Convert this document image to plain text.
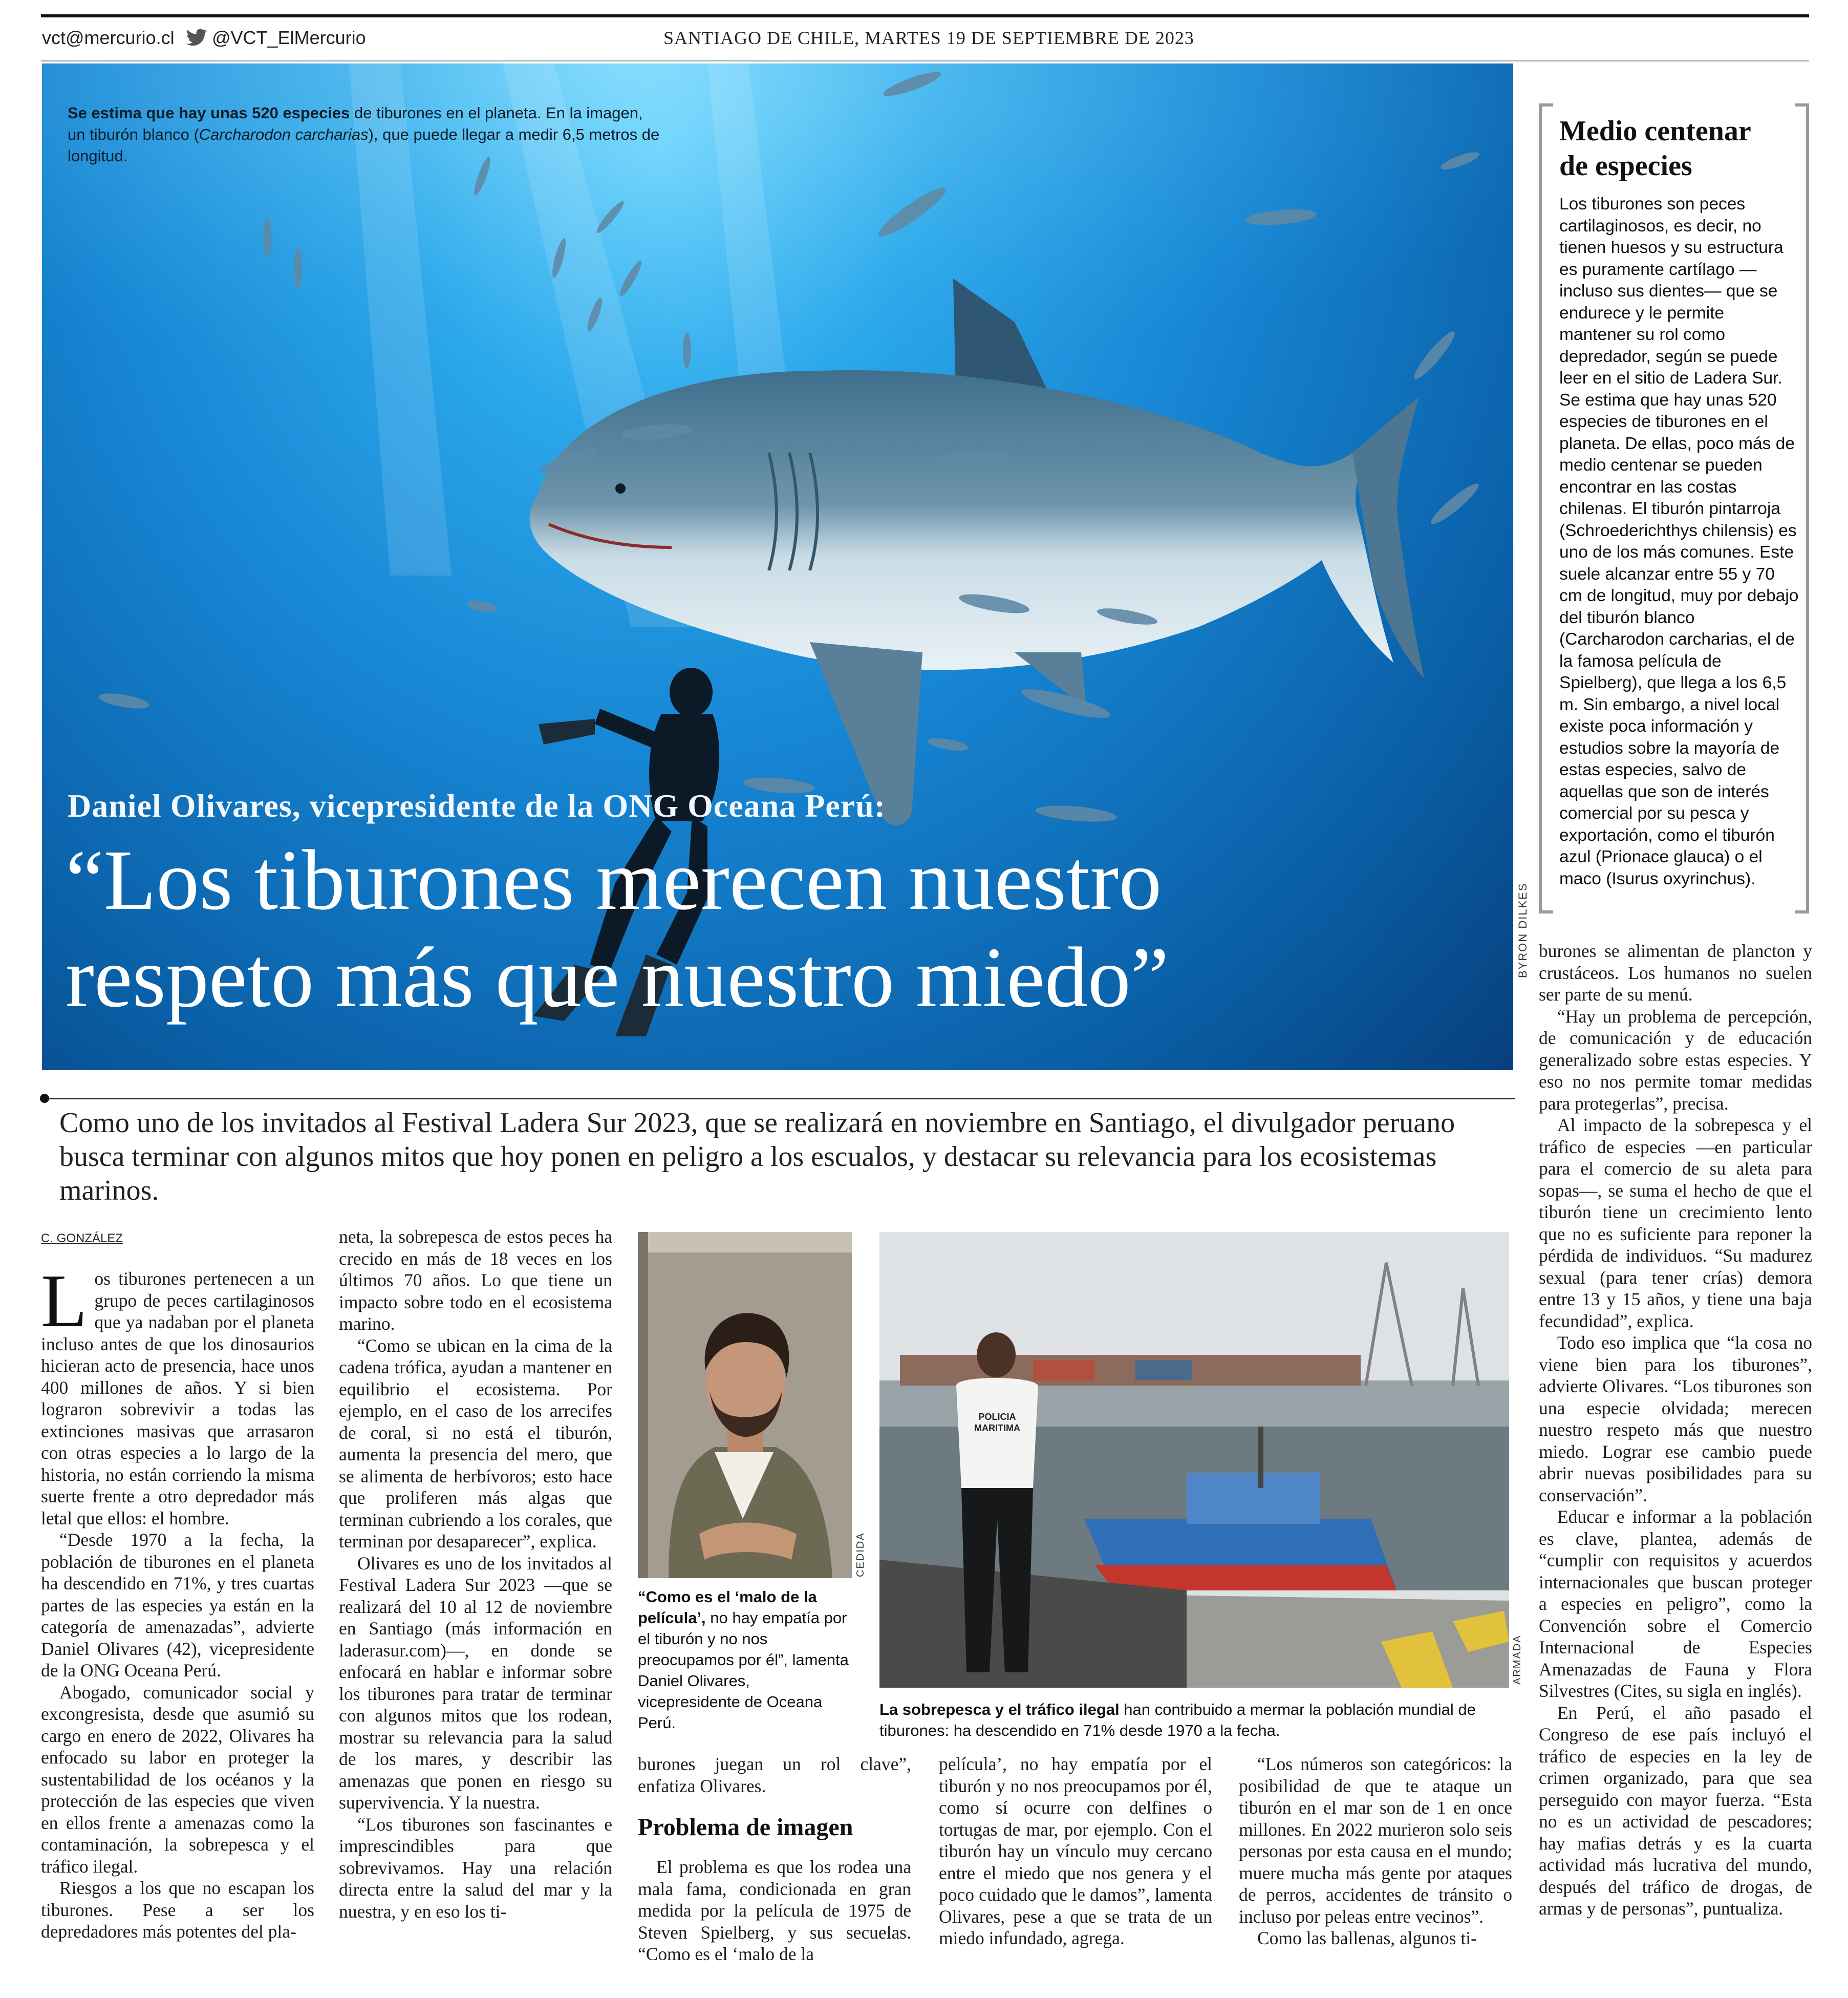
vct@mercurio.cl @VCT_ElMercurio	SANTIAGO DE CHILE, MARTES 19 DE SEPTIEMBRE DE 2023
Se estima que hay unas 520 especies de tiburones en el planeta. En la imagen, un tiburón blanco (Carcharodon carcharias), que puede llegar a medir 6,5 metros de longitud.
Daniel Olivares, vicepresidente de la ONG Oceana Perú:
“Los tiburones merecen nuestro
respeto más que nuestro miedo”	BYRON DILKES
Medio centenar de especies
Los tiburones son peces cartilaginosos, es decir, no tienen huesos y su estructura es puramente cartílago —incluso sus dientes— que se endurece y le permite mantener su rol como depredador, según se puede leer en el sitio de Ladera Sur. Se estima que hay unas 520 especies de tiburones en el planeta. De ellas, poco más de medio centenar se pueden encontrar en las costas chilenas. El tiburón pintarroja (Schroederichthys chilensis) es uno de los más comunes. Este suele alcanzar entre 55 y 70 cm de longitud, muy por debajo del tiburón blanco (Carcharodon carcharias, el de la famosa película de Spielberg), que llega a los 6,5 m. Sin embargo, a nivel local existe poca información y estudios sobre la mayoría de estas especies, salvo de aquellas que son de interés comercial por su pesca y exportación, como el tiburón azul (Prionace glauca) o el maco (Isurus oxyrinchus).
Como uno de los invitados al Festival Ladera Sur 2023, que se realizará en noviembre en Santiago, el divulgador peruano busca terminar con algunos mitos que hoy ponen en peligro a los escualos, y destacar su relevancia para los ecosistemas marinos.
C. GONZÁLEZ

Los tiburones pertenecen a un grupo de peces cartilaginosos que ya nadaban por el planeta incluso antes de que los dinosaurios hicieran acto de presencia, hace unos 400 millones de años. Y si bien lograron sobrevivir a todas las extinciones masivas que arrasaron con otras especies a lo largo de la historia, no están corriendo la misma suerte frente a otro depredador más letal que ellos: el hombre.

“Desde 1970 a la fecha, la población de tiburones en el planeta ha descendido en 71%, y tres cuartas partes de las especies ya están en la categoría de amenazadas”, advierte Daniel Olivares (42), vicepresidente de la ONG Oceana Perú.

Abogado, comunicador social y excongresista, desde que asumió su cargo en enero de 2022, Olivares ha enfocado su labor en proteger la sustentabilidad de los océanos y la protección de las especies que viven en ellos frente a amenazas como la contaminación, la sobrepesca y el tráfico ilegal.

Riesgos a los que no escapan los tiburones. Pese a ser los depredadores más potentes del pla-

neta, la sobrepesca de estos peces ha crecido en más de 18 veces en los últimos 70 años. Lo que tiene un impacto sobre todo en el ecosistema marino.

“Como se ubican en la cima de la cadena trófica, ayudan a mantener en equilibrio el ecosistema. Por ejemplo, en el caso de los arrecifes de coral, si no está el tiburón, aumenta la presencia del mero, que se alimenta de herbívoros; esto hace que proliferen más algas que terminan cubriendo a los corales, que terminan por desaparecer”, explica.

Olivares es uno de los invitados al Festival Ladera Sur 2023 —que se realizará del 10 al 12 de noviembre en Santiago (más información en laderasur.com)—, en donde se enfocará en hablar e informar sobre los tiburones para tratar de terminar con algunos mitos que los rodean, mostrar su relevancia para la salud de los mares, y describir las amenazas que ponen en riesgo su supervivencia. Y la nuestra.

“Los tiburones son fascinantes e imprescindibles para que sobrevivamos. Hay una relación directa entre la salud del mar y la nuestra, y en eso los ti-

CEDIDA
“Como es el ‘malo de la película’, no hay empatía por el tiburón y no nos preocupamos por él”, lamenta Daniel Olivares, vicepresidente de Oceana Perú.
POLICIA MARITIMA
ARMADA
La sobrepesca y el tráfico ilegal han contribuido a mermar la población mundial de tiburones: ha descendido en 71% desde 1970 a la fecha.

burones juegan un rol clave”, enfatiza Olivares.

Problema de imagen

El problema es que los rodea una mala fama, condicionada en gran medida por la película de 1975 de Steven Spielberg, y sus secuelas. “Como es el ‘malo de la

película’, no hay empatía por el tiburón y no nos preocupamos por él, como sí ocurre con delfines o tortugas de mar, por ejemplo. Con el tiburón hay un vínculo muy cercano entre el miedo que nos genera y el poco cuidado que le damos”, lamenta Olivares, pese a que se trata de un miedo infundado, agrega.

“Los números son categóricos: la posibilidad de que te ataque un tiburón en el mar son de 1 en once millones. En 2022 murieron solo seis personas por esta causa en el mundo; muere mucha más gente por ataques de perros, accidentes de tránsito o incluso por peleas entre vecinos”.

Como las ballenas, algunos ti-

burones se alimentan de plancton y crustáceos. Los humanos no suelen ser parte de su menú.

“Hay un problema de percepción, de comunicación y de educación generalizado sobre estas especies. Y eso no nos permite tomar medidas para protegerlas”, precisa.

Al impacto de la sobrepesca y el tráfico de especies —en particular para el comercio de su aleta para sopas—, se suma el hecho de que el tiburón tiene un crecimiento lento que no es suficiente para reponer la pérdida de individuos. “Su madurez sexual (para tener crías) demora entre 13 y 15 años, y tiene una baja fecundidad”, explica.

Todo eso implica que “la cosa no viene bien para los tiburones”, advierte Olivares. “Los tiburones son una especie olvidada; merecen nuestro respeto más que nuestro miedo. Lograr ese cambio puede abrir nuevas posibilidades para su conservación”.

Educar e informar a la población es clave, plantea, además de “cumplir con requisitos y acuerdos internacionales que buscan proteger a especies en peligro”, como la Convención sobre el Comercio Internacional de Especies Amenazadas de Fauna y Flora Silvestres (Cites, su sigla en inglés).

En Perú, el año pasado el Congreso de ese país incluyó el tráfico de especies en la ley de crimen organizado, para que sea perseguido con mayor fuerza. “Esta no es un actividad de pescadores; hay mafias detrás y es la cuarta actividad más lucrativa del mundo, después del tráfico de drogas, de armas y de personas”, puntualiza.
